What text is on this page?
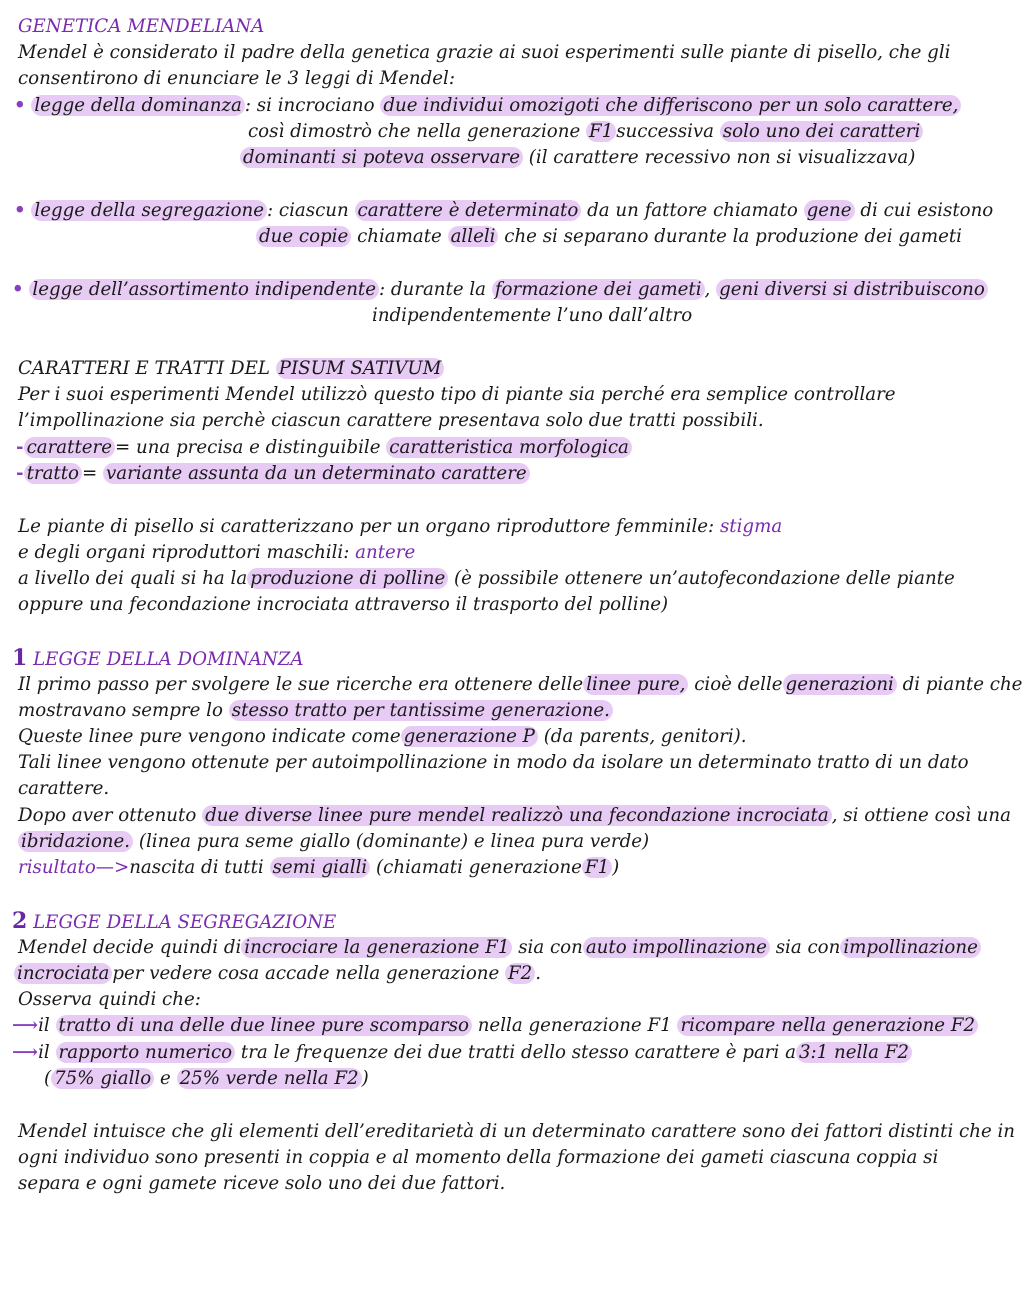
GENETICA MENDELIANA
Mendel è considerato il padre della genetica grazie ai suoi esperimenti sulle piante di pisello, che gli
consentirono di enunciare le 3 leggi di Mendel:
• legge della dominanza : si incrociano due individui omozigoti che differiscono per un solo carattere,
così dimostrò che nella generazione F1 successiva solo uno dei caratteri
dominanti si poteva osservare (il carattere recessivo non si visualizzava)
• legge della segregazione : ciascun carattere è determinato da un fattore chiamato gene di cui esistono
due copie chiamate alleli che si separano durante la produzione dei gameti
• legge dell’assortimento indipendente : durante la formazione dei gameti , geni diversi si distribuiscono
indipendentemente l’uno dall’altro
CARATTERI E TRATTI DEL PISUM SATIVUM
Per i suoi esperimenti Mendel utilizzò questo tipo di piante sia perché era semplice controllare
l’impollinazione sia perchè ciascun carattere presentava solo due tratti possibili.
- carattere = una precisa e distinguibile caratteristica morfologica
- tratto = variante assunta da un determinato carattere
Le piante di pisello si caratterizzano per un organo riproduttore femminile: stigma
e degli organi riproduttori maschili: antere
a livello dei quali si ha la produzione di polline (è possibile ottenere un’autofecondazione delle piante
oppure una fecondazione incrociata attraverso il trasporto del polline)
1 LEGGE DELLA DOMINANZA
Il primo passo per svolgere le sue ricerche era ottenere delle linee pure, cioè delle generazioni di piante che
mostravano sempre lo stesso tratto per tantissime generazione.
Queste linee pure vengono indicate come generazione P (da parents, genitori).
Tali linee vengono ottenute per autoimpollinazione in modo da isolare un determinato tratto di un dato
carattere.
Dopo aver ottenuto due diverse linee pure mendel realizzò una fecondazione incrociata , si ottiene così una
ibridazione. (linea pura seme giallo (dominante) e linea pura verde)
risultato—>nascita di tutti semi gialli (chiamati generazione F1 )
2 LEGGE DELLA SEGREGAZIONE
Mendel decide quindi di incrociare la generazione F1 sia con auto impollinazione sia con impollinazione
incrociata per vedere cosa accade nella generazione F2 .
Osserva quindi che:
⟶il tratto di una delle due linee pure scomparso nella generazione F1 ricompare nella generazione F2
⟶il rapporto numerico tra le frequenze dei due tratti dello stesso carattere è pari a 3:1 nella F2
( 75% giallo e 25% verde nella F2 )
Mendel intuisce che gli elementi dell’ereditarietà di un determinato carattere sono dei fattori distinti che in
ogni individuo sono presenti in coppia e al momento della formazione dei gameti ciascuna coppia si
separa e ogni gamete riceve solo uno dei due fattori.
